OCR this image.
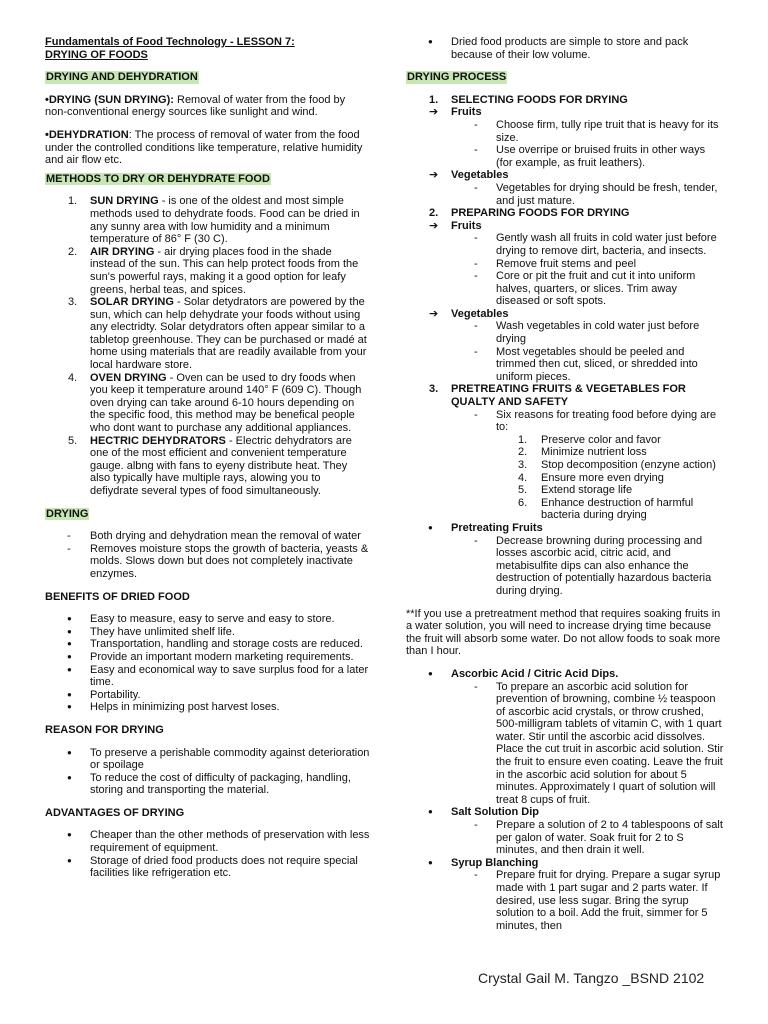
Fundamentals of Food Technology - LESSON 7:
DRYING OF FOODS
DRYING AND DEHYDRATION

•DRYING (SUN DRYING): Removal of water from the food by non-conventional energy sources like sunlight and wind.

•DEHYDRATION: The process of removal of water from the food under the controlled conditions like temperature, relative humidity and air flow etc.

METHODS TO DRY OR DEHYDRATE FOOD
1. SUN DRYING - is one of the oldest and most simple methods used to dehydrate foods. Food can be dried in any sunny area with low humidity and a minimum temperature of 86° F (30 C).
2. AIR DRYING - air drying places food in the shade instead of the sun. This can help protect foods from the sun's powerful rays, making it a good option for leafy greens, herbal teas, and spices.
3. SOLAR DRYING - Solar detydrators are powered by the sun, which can help dehydrate your foods without using any electridty. Solar detydrators often appear similar to a tabletop greenhouse. They can be purchased or madé at home using materials that are readily available from your local hardware store.
4. OVEN DRYING - Oven can be used to dry foods when you keep it temperature around 140° F (609 C). Though oven drying can take around 6-10 hours depending on the specific food, this method may be benefical people who dont want to purchase any additional appliances.
5. HECTRIC DEHYDRATORS - Electric dehydrators are one of the most efficient and convenient temperature gauge. albng with fans to eyeny distribute heat. They also typically have multiple rays, alowing you to defiydrate several types of food simultaneously.
DRYING
- Both drying and dehydration mean the removal of water
- Removes moisture stops the growth of bacteria, yeasts & molds. Slows down but does not completely inactivate enzymes.
BENEFITS OF DRIED FOOD
● Easy to measure, easy to serve and easy to store.
● They have unlimited shelf life.
● Transportation, handling and storage costs are reduced.
● Provide an important modern marketing requirements.
● Easy and economical way to save surplus food for a later time.
● Portability.
● Helps in minimizing post harvest loses.
REASON FOR DRYING
● To preserve a perishable commodity against deterioration or spoilage
● To reduce the cost of difficulty of packaging, handling, storing and transporting the material.
ADVANTAGES OF DRYING
● Cheaper than the other methods of preservation with less requirement of equipment.
● Storage of dried food products does not require special facilities like refrigeration etc.
● Dried food products are simple to store and pack because of their low volume.
DRYING PROCESS
1. SELECTING FOODS FOR DRYING
➔ Fruits
- Choose firm, tully ripe truit that is heavy for its size.
- Use overripe or bruised fruits in other ways (for example, as fruit leathers).
➔ Vegetables
- Vegetables for drying should be fresh, tender, and just mature.
2. PREPARING FOODS FOR DRYING
➔ Fruits
- Gently wash all fruits in cold water just before drying to remove dirt, bacteria, and insects.
- Remove fruit stems and peel
- Core or pit the fruit and cut it into uniform halves, quarters, or slices. Trim away diseased or soft spots.
➔ Vegetables
- Wash vegetables in cold water just before drying
- Most vegetables should be peeled and trimmed then cut, sliced, or shredded into uniform pieces.
3. PRETREATING FRUITS & VEGETABLES FOR QUALTY AND SAFETY
- Six reasons for treating food before dying are to:
1. Preserve color and favor
2. Minimize nutrient loss
3. Stop decomposition (enzyne action)
4. Ensure more even drying
5. Extend storage life
6. Enhance destruction of harmful bacteria during drying
● Pretreating Fruits
- Decrease browning during processing and losses ascorbic acid, citric acid, and metabisulfite dips can also enhance the destruction of potentially hazardous bacteria during drying.

**If you use a pretreatment method that requires soaking fruits in a water solution, you will need to increase drying time because the fruit will absorb some water. Do not allow foods to soak more than I hour.

● Ascorbic Acid / Citric Acid Dips.
- To prepare an ascorbic acid solution for prevention of browning, combine ½ teaspoon of ascorbic acid crystals, or throw crushed, 500-milligram tablets of vitamin C, with 1 quart water. Stir until the ascorbic acid dissolves. Place the cut truit in ascorbic acid solution. Stir the fruit to ensure even coating. Leave the fruit in the ascorbic acid solution for about 5 minutes. Approximately I quart of solution will treat 8 cups of fruit.
● Salt Solution Dip
- Prepare a solution of 2 to 4 tablespoons of salt per galon of water. Soak fruit for 2 to S minutes, and then drain it well.
● Syrup Blanching
- Prepare fruit for drying. Prepare a sugar syrup made with 1 part sugar and 2 parts water. If desired, use less sugar. Bring the syrup solution to a boil. Add the fruit, simmer for 5 minutes, then
Crystal Gail M. Tangzo _BSND 2102
